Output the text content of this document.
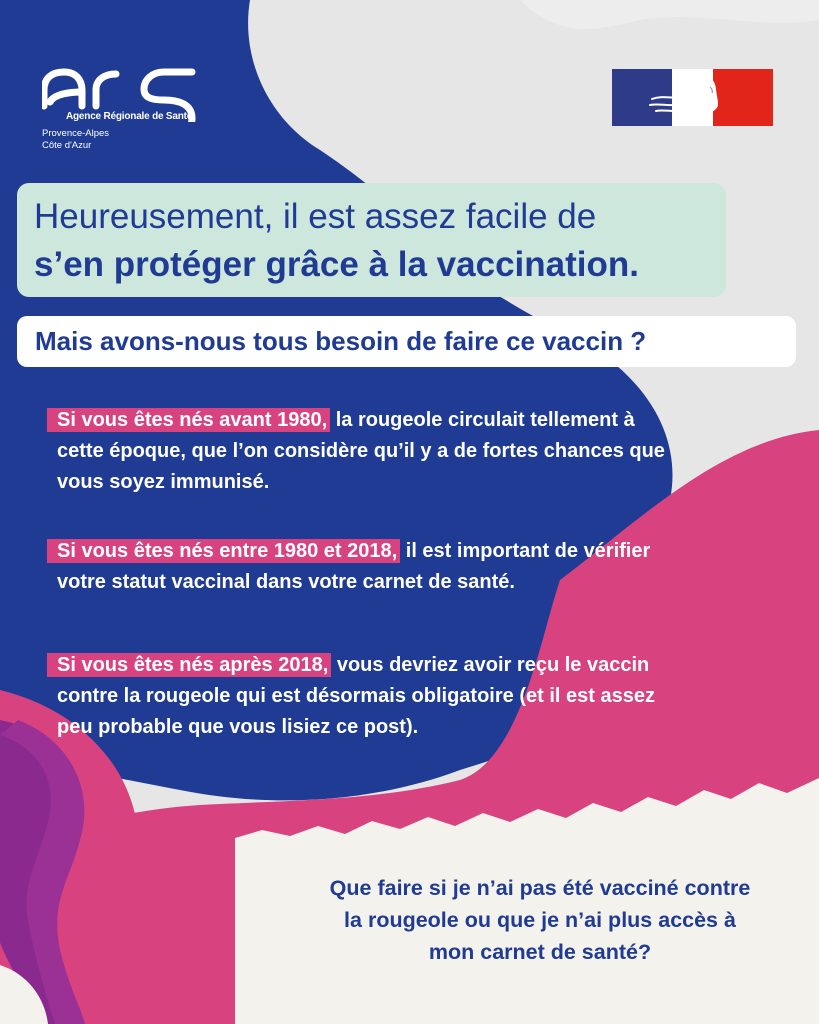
Agence Régionale de Santé
Provence-Alpes
Côte d'Azur
Heureusement, il est assez facile de
s’en protéger grâce à la vaccination.
Mais avons-nous tous besoin de faire ce vaccin ?
Si vous êtes nés avant 1980, la rougeole circulait tellement à cette époque, que l’on considère qu’il y a de fortes chances que vous soyez immunisé.
Si vous êtes nés entre 1980 et 2018, il est important de vérifier votre statut vaccinal dans votre carnet de santé.
Si vous êtes nés après 2018, vous devriez avoir reçu le vaccin contre la rougeole qui est désormais obligatoire (et il est assez peu probable que vous lisiez ce post).
Que faire si je n’ai pas été vacciné contre la rougeole ou que je n’ai plus accès à mon carnet de santé?
